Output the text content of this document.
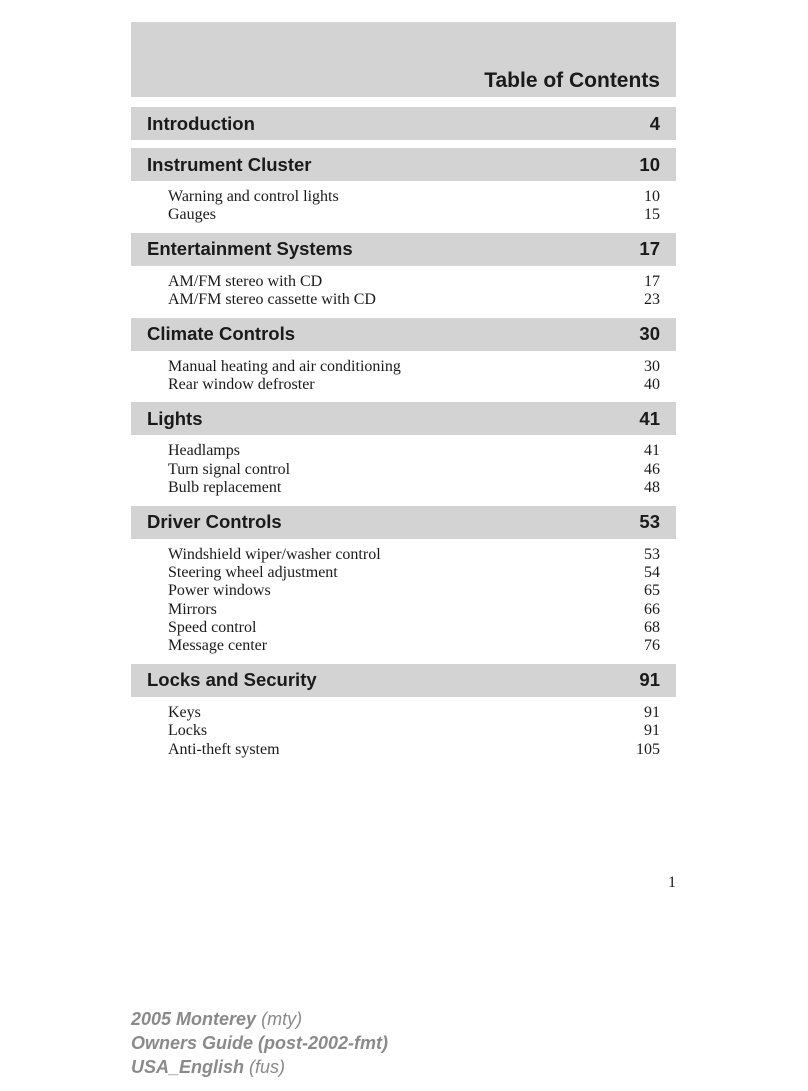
Table of Contents
Introduction	4
Instrument Cluster	10
Warning and control lights	10
Gauges	15
Entertainment Systems	17
AM/FM stereo with CD	17
AM/FM stereo cassette with CD	23
Climate Controls	30
Manual heating and air conditioning	30
Rear window defroster	40
Lights	41
Headlamps	41
Turn signal control	46
Bulb replacement	48
Driver Controls	53
Windshield wiper/washer control	53
Steering wheel adjustment	54
Power windows	65
Mirrors	66
Speed control	68
Message center	76
Locks and Security	91
Keys	91
Locks	91
Anti-theft system	105
1
2005 Monterey (mty)
Owners Guide (post-2002-fmt)
USA_English (fus)
